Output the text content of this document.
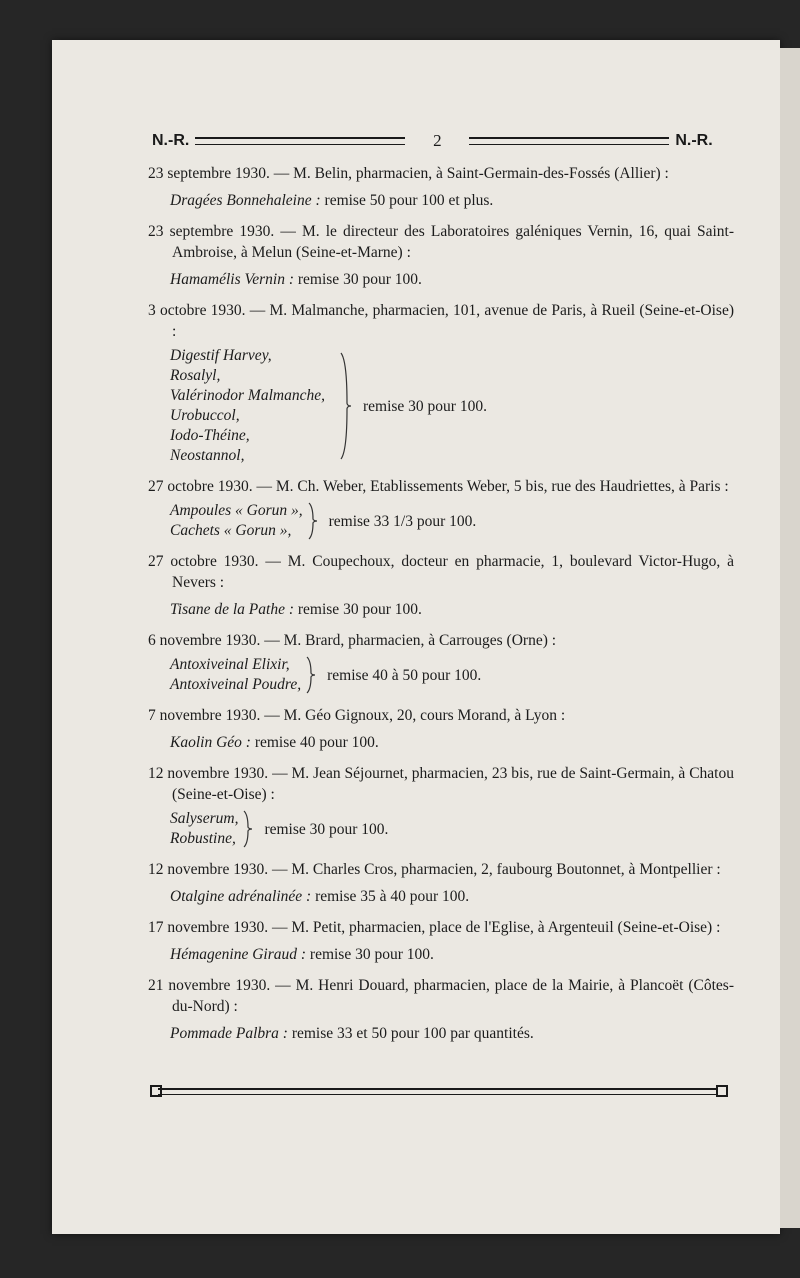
N.-R.	2	N.-R.

23 septembre 1930. — M. Belin, pharmacien, à Saint-Germain-des-Fossés (Allier) :

Dragées Bonnehaleine : remise 50 pour 100 et plus.

23 septembre 1930. — M. le directeur des Laboratoires galéniques Vernin, 16, quai Saint-Ambroise, à Melun (Seine-et-Marne) :

Hamamélis Vernin : remise 30 pour 100.

3 octobre 1930. — M. Malmanche, pharmacien, 101, avenue de Paris, à Rueil (Seine-et-Oise) :

Digestif Harvey,
Rosalyl,
Valérinodor Malmanche,
Urobuccol,
Iodo-Théine,
Neostannol,
remise 30 pour 100.

27 octobre 1930. — M. Ch. Weber, Etablissements Weber, 5 bis, rue des Haudriettes, à Paris :

Ampoules « Gorun »,
Cachets « Gorun »,
remise 33 1/3 pour 100.

27 octobre 1930. — M. Coupechoux, docteur en pharmacie, 1, boulevard Victor-Hugo, à Nevers :

Tisane de la Pathe : remise 30 pour 100.

6 novembre 1930. — M. Brard, pharmacien, à Carrouges (Orne) :

Antoxiveinal Elixir,
Antoxiveinal Poudre,
remise 40 à 50 pour 100.

7 novembre 1930. — M. Géo Gignoux, 20, cours Morand, à Lyon :

Kaolin Géo : remise 40 pour 100.

12 novembre 1930. — M. Jean Séjournet, pharmacien, 23 bis, rue de Saint-Germain, à Chatou (Seine-et-Oise) :

Salyserum,
Robustine,
remise 30 pour 100.

12 novembre 1930. — M. Charles Cros, pharmacien, 2, faubourg Boutonnet, à Montpellier :

Otalgine adrénalinée : remise 35 à 40 pour 100.

17 novembre 1930. — M. Petit, pharmacien, place de l'Eglise, à Argenteuil (Seine-et-Oise) :

Hémagenine Giraud : remise 30 pour 100.

21 novembre 1930. — M. Henri Douard, pharmacien, place de la Mairie, à Plancoët (Côtes-du-Nord) :

Pommade Palbra : remise 33 et 50 pour 100 par quantités.
